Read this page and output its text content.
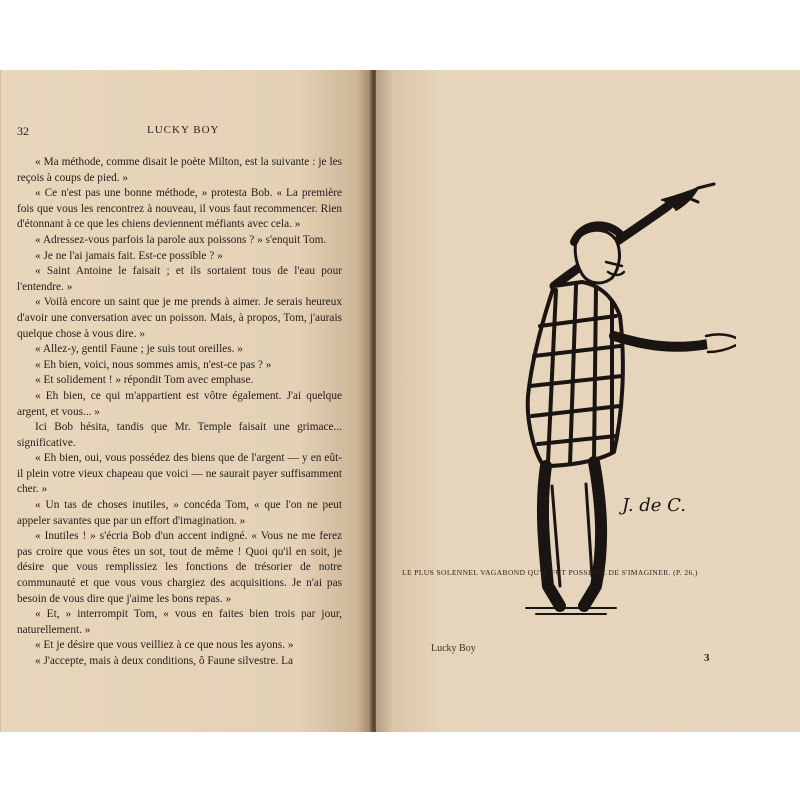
32	LUCKY BOY

« Ma méthode, comme disait le poète Milton, est la suivante : je les reçois à coups de pied. »

« Ce n'est pas une bonne méthode, » protesta Bob. « La première fois que vous les rencontrez à nouveau, il vous faut recommencer. Rien d'étonnant à ce que les chiens deviennent méfiants avec cela. »

« Adressez-vous parfois la parole aux poissons ? » s'enquit Tom.

« Je ne l'ai jamais fait. Est-ce possible ? »

« Saint Antoine le faisait ; et ils sortaient tous de l'eau pour l'entendre. »

« Voilà encore un saint que je me prends à aimer. Je serais heureux d'avoir une conversation avec un poisson. Mais, à propos, Tom, j'aurais quelque chose à vous dire. »

« Allez-y, gentil Faune ; je suis tout oreilles. »

« Eh bien, voici, nous sommes amis, n'est-ce pas ? »

« Et solidement ! » répondit Tom avec emphase.

« Eh bien, ce qui m'appartient est vôtre également. J'ai quelque argent, et vous... »

Ici Bob hésita, tandis que Mr. Temple faisait une grimace... significative.

« Eh bien, oui, vous possédez des biens que de l'argent — y en eût-il plein votre vieux chapeau que voici — ne saurait payer suffisamment cher. »

« Un tas de choses inutiles, » concéda Tom, « que l'on ne peut appeler savantes que par un effort d'imagination. »

« Inutiles ! » s'écria Bob d'un accent indigné. « Vous ne me ferez pas croire que vous êtes un sot, tout de même ! Quoi qu'il en soit, je désire que vous remplissiez les fonctions de trésorier de notre communauté et que vous vous chargiez des acquisitions. Je n'ai pas besoin de vous dire que j'aime les bons repas. »

« Et, » interrompit Tom, « vous en faites bien trois par jour, naturellement. »

« Et je désire que vous veilliez à ce que nous les ayons. »

« J'accepte, mais à deux conditions, ô Faune silvestre. La

J. de C.
LE PLUS SOLENNEL VAGABOND QU'IL FÛT POSSIBLE DE S'IMAGINER. (P. 26.)
Lucky Boy
3
